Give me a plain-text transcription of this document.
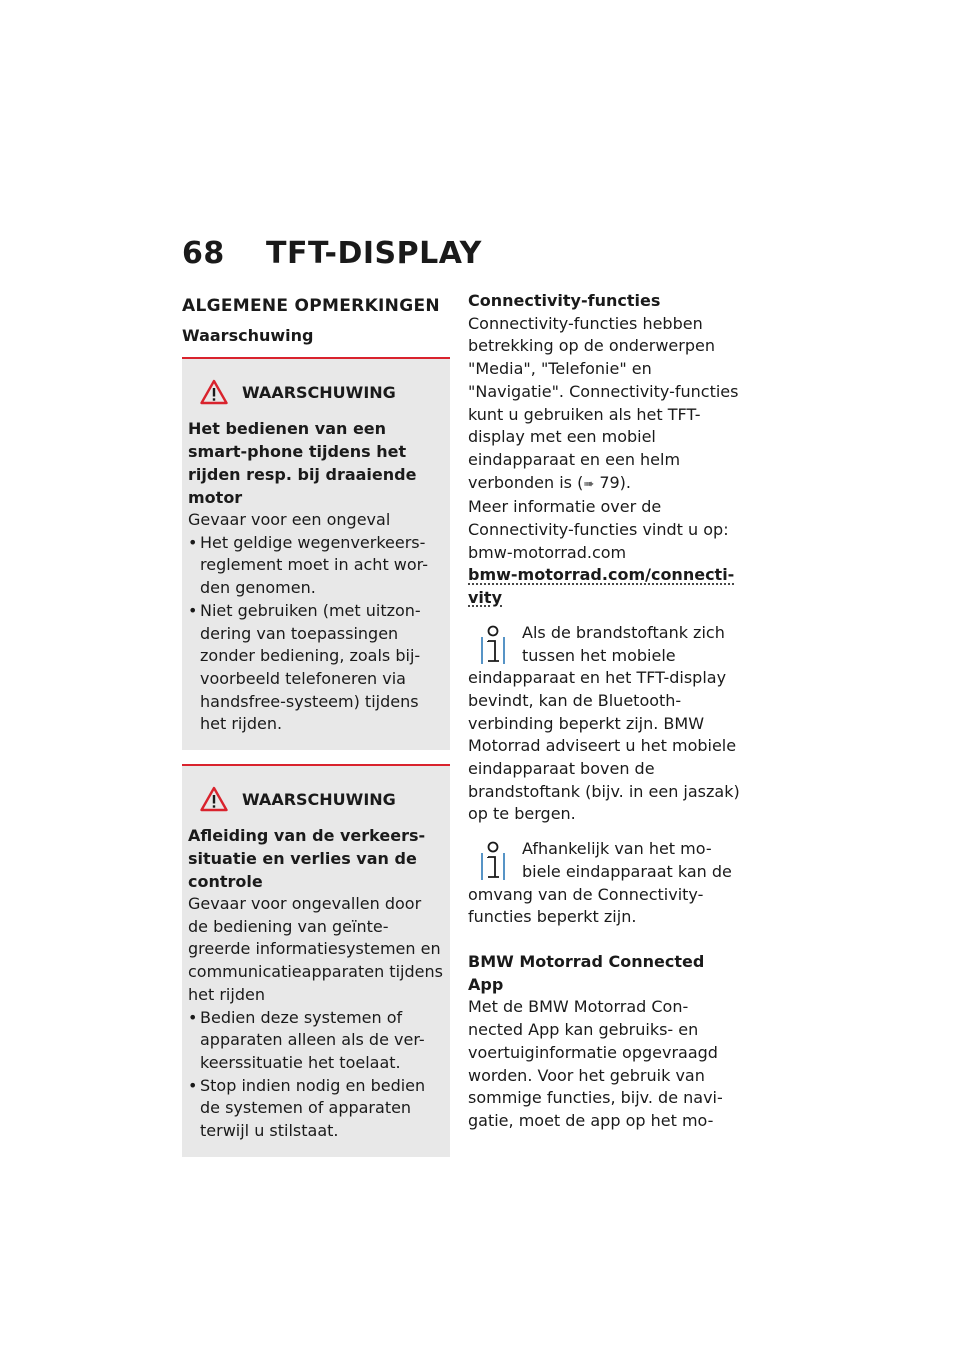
68 TFT-DISPLAY
ALGEMENE OPMERKINGEN
Waarschuwing
WAARSCHUWING
Het bedienen van een smart-phone tijdens het rijden resp. bij draaiende motor
Gevaar voor een ongeval
• Het geldige wegenverkeers-reglement moet in acht wor-den genomen.
• Niet gebruiken (met uitzon-dering van toepassingen zonder bediening, zoals bij-voorbeeld telefoneren via handsfree-systeem) tijdens het rijden.
WAARSCHUWING
Afleiding van de verkeers-situatie en verlies van de controle
Gevaar voor ongevallen door de bediening van geïnte-greerde informatiesystemen en communicatieapparaten tijdens het rijden
• Bedien deze systemen of apparaten alleen als de ver-keerssituatie het toelaat.
• Stop indien nodig en bedien de systemen of apparaten terwijl u stilstaat.
Connectivity-functies
Connectivity-functies hebben betrekking op de onderwerpen "Media", "Telefonie" en "Navigatie". Connectivity-functies kunt u gebruiken als het TFT-display met een mobiel eindapparaat en een helm verbonden is (➠ 79).
Meer informatie over de Connectivity-functies vindt u op: bmw-motorrad.com
bmw-motorrad.com/connecti-vity
Als de brandstoftank zich tussen het mobiele
eindapparaat en het TFT-display bevindt, kan de Bluetooth-verbinding beperkt zijn. BMW Motorrad adviseert u het mobiele eindapparaat boven de brandstoftank (bijv. in een jaszak) op te bergen.
Afhankelijk van het mo-biele eindapparaat kan de
omvang van de Connectivity-functies beperkt zijn.
BMW Motorrad Connected App
Met de BMW Motorrad Con-nected App kan gebruiks- en voertuiginformatie opgevraagd worden. Voor het gebruik van sommige functies, bijv. de navi-gatie, moet de app op het mo-
